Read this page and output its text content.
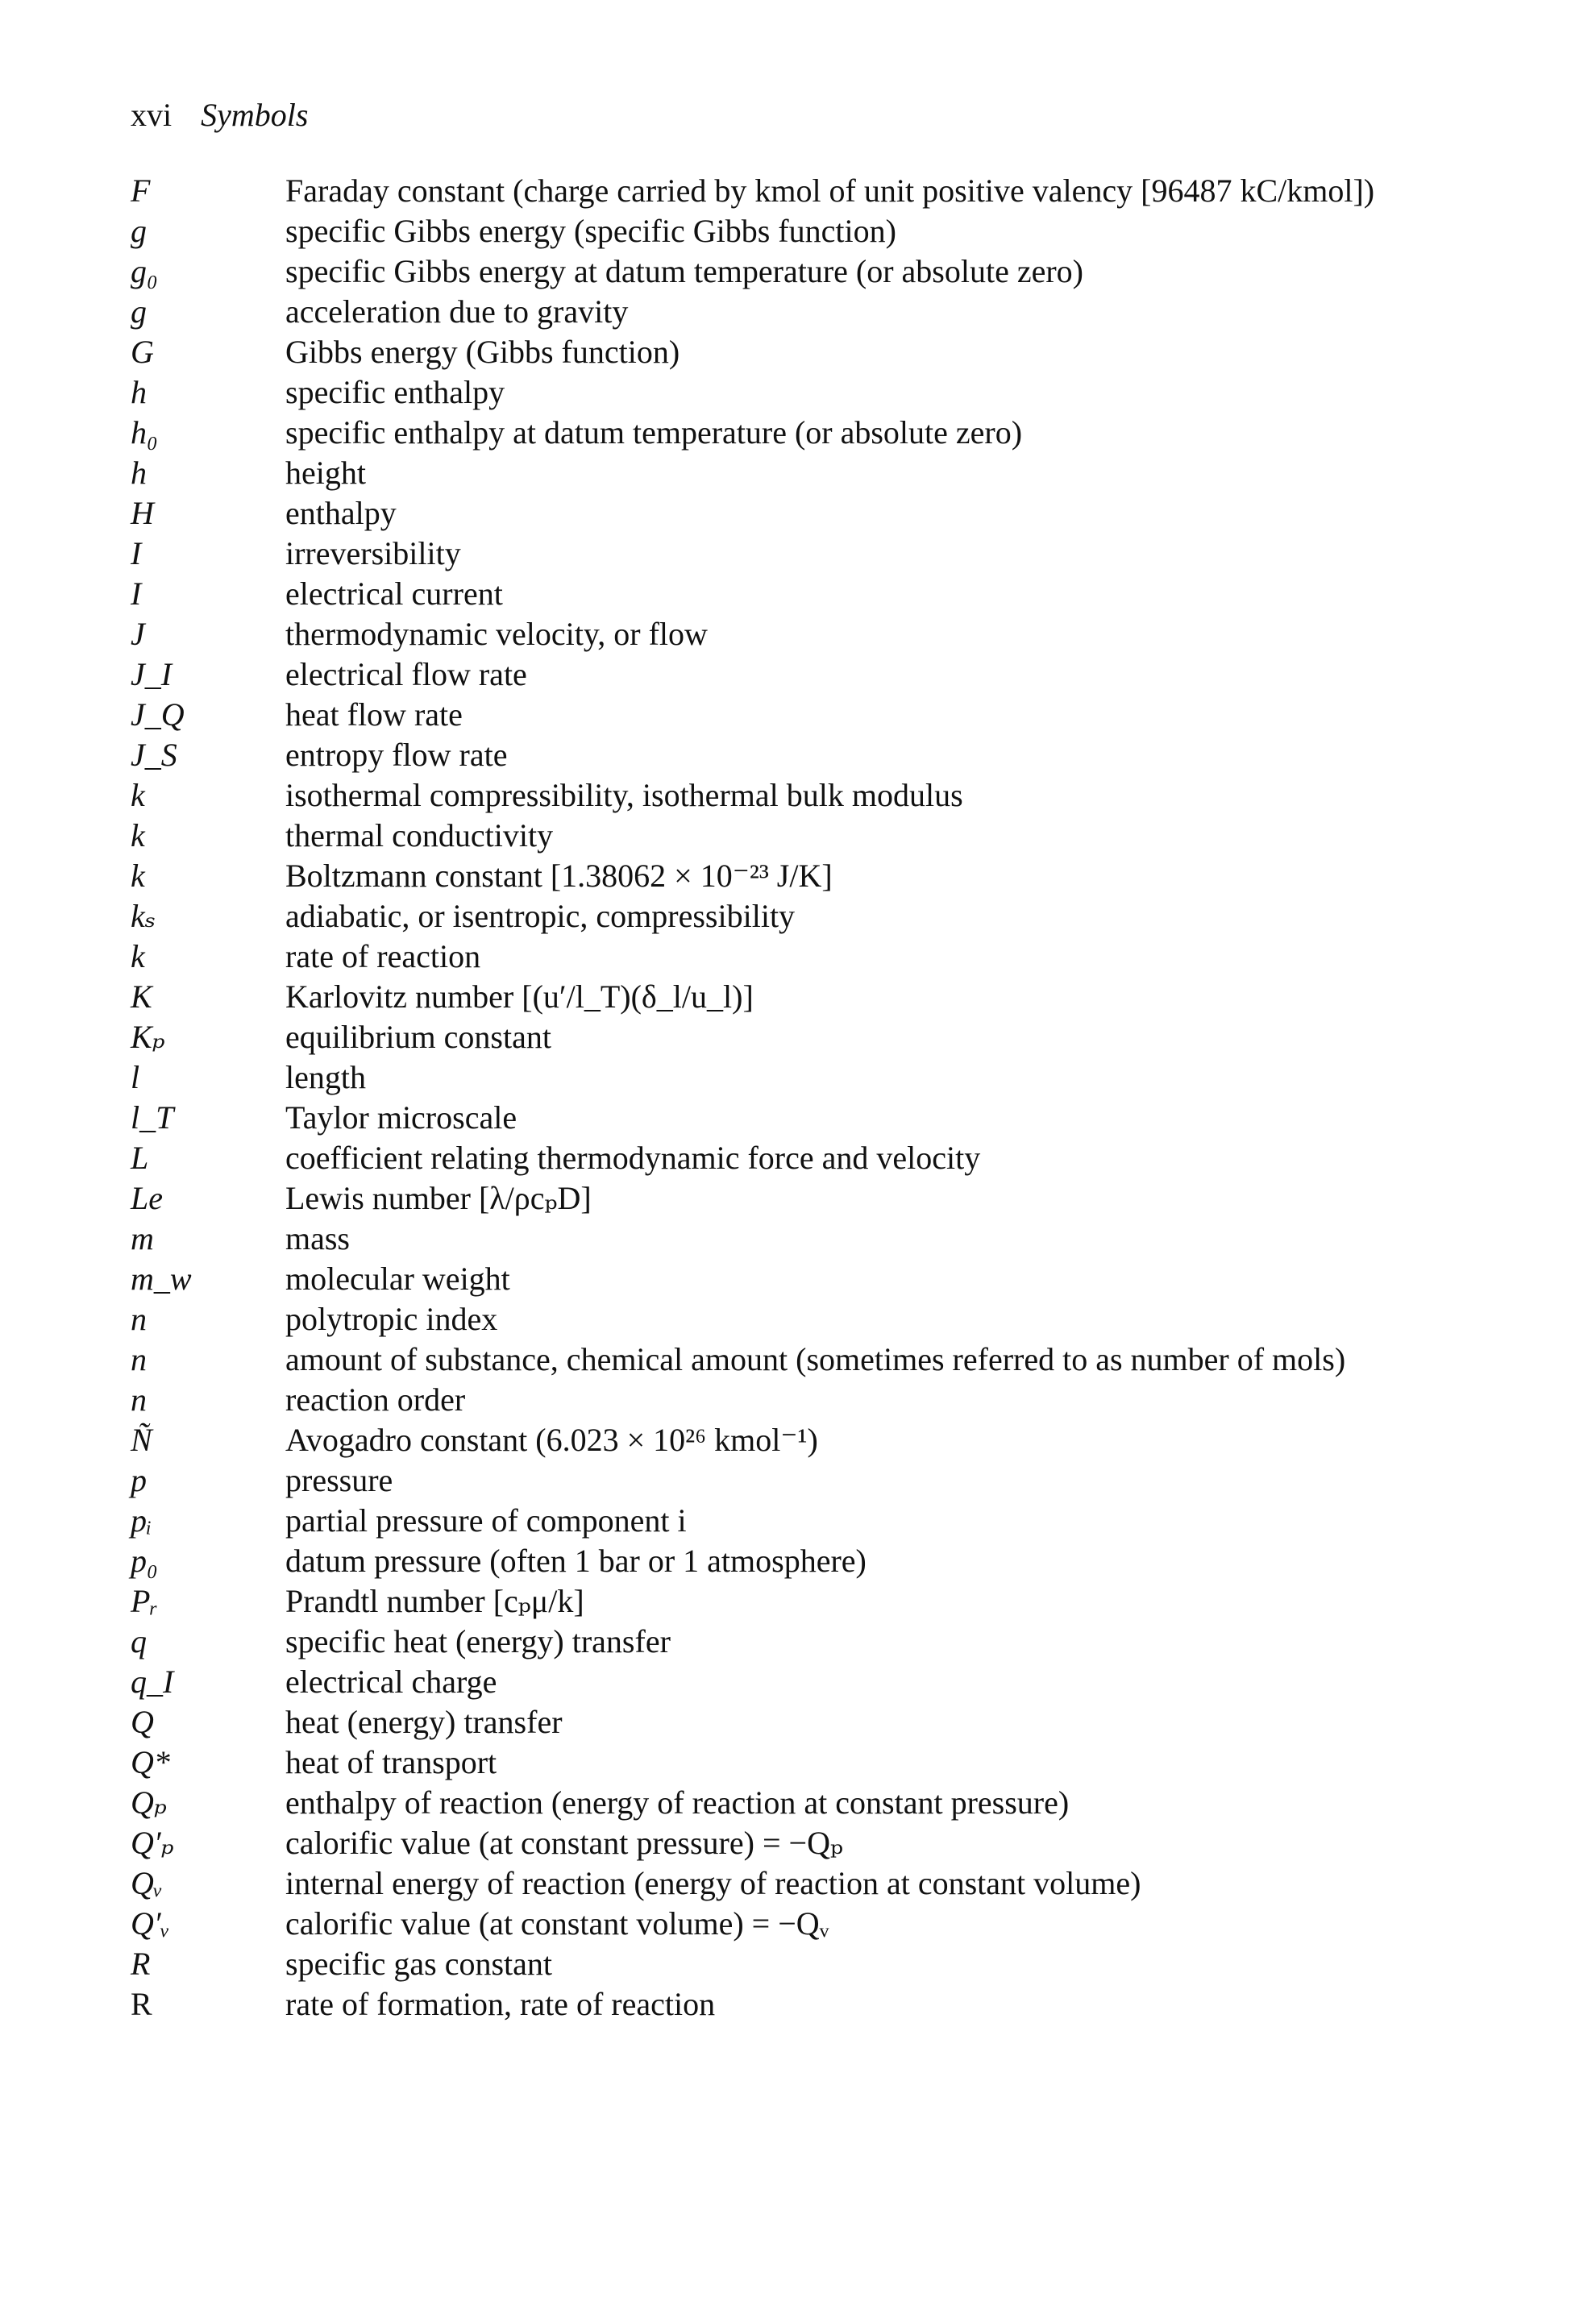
xvi Symbols
F	Faraday constant (charge carried by kmol of unit positive valency [96487 kC/kmol])
g	specific Gibbs energy (specific Gibbs function)
g₀	specific Gibbs energy at datum temperature (or absolute zero)
g	acceleration due to gravity
G	Gibbs energy (Gibbs function)
h	specific enthalpy
h₀	specific enthalpy at datum temperature (or absolute zero)
h	height
H	enthalpy
I	irreversibility
I	electrical current
J	thermodynamic velocity, or flow
J_I	electrical flow rate
J_Q	heat flow rate
J_S	entropy flow rate
k	isothermal compressibility, isothermal bulk modulus
k	thermal conductivity
k	Boltzmann constant [1.38062 × 10⁻²³ J/K]
kₛ	adiabatic, or isentropic, compressibility
k	rate of reaction
K	Karlovitz number [(u′/l_T)(δ_l/u_l)]
Kₚ	equilibrium constant
l	length
l_T	Taylor microscale
L	coefficient relating thermodynamic force and velocity
Le	Lewis number [λ/ρcₚD]
m	mass
m_w	molecular weight
n	polytropic index
n	amount of substance, chemical amount (sometimes referred to as number of mols)
n	reaction order
Ñ	Avogadro constant (6.023 × 10²⁶ kmol⁻¹)
p	pressure
pᵢ	partial pressure of component i
p₀	datum pressure (often 1 bar or 1 atmosphere)
Pᵣ	Prandtl number [cₚμ/k]
q	specific heat (energy) transfer
q_I	electrical charge
Q	heat (energy) transfer
Q*	heat of transport
Qₚ	enthalpy of reaction (energy of reaction at constant pressure)
Q′ₚ	calorific value (at constant pressure) = −Qₚ
Qᵥ	internal energy of reaction (energy of reaction at constant volume)
Q′ᵥ	calorific value (at constant volume) = −Qᵥ
R	specific gas constant
R	rate of formation, rate of reaction
